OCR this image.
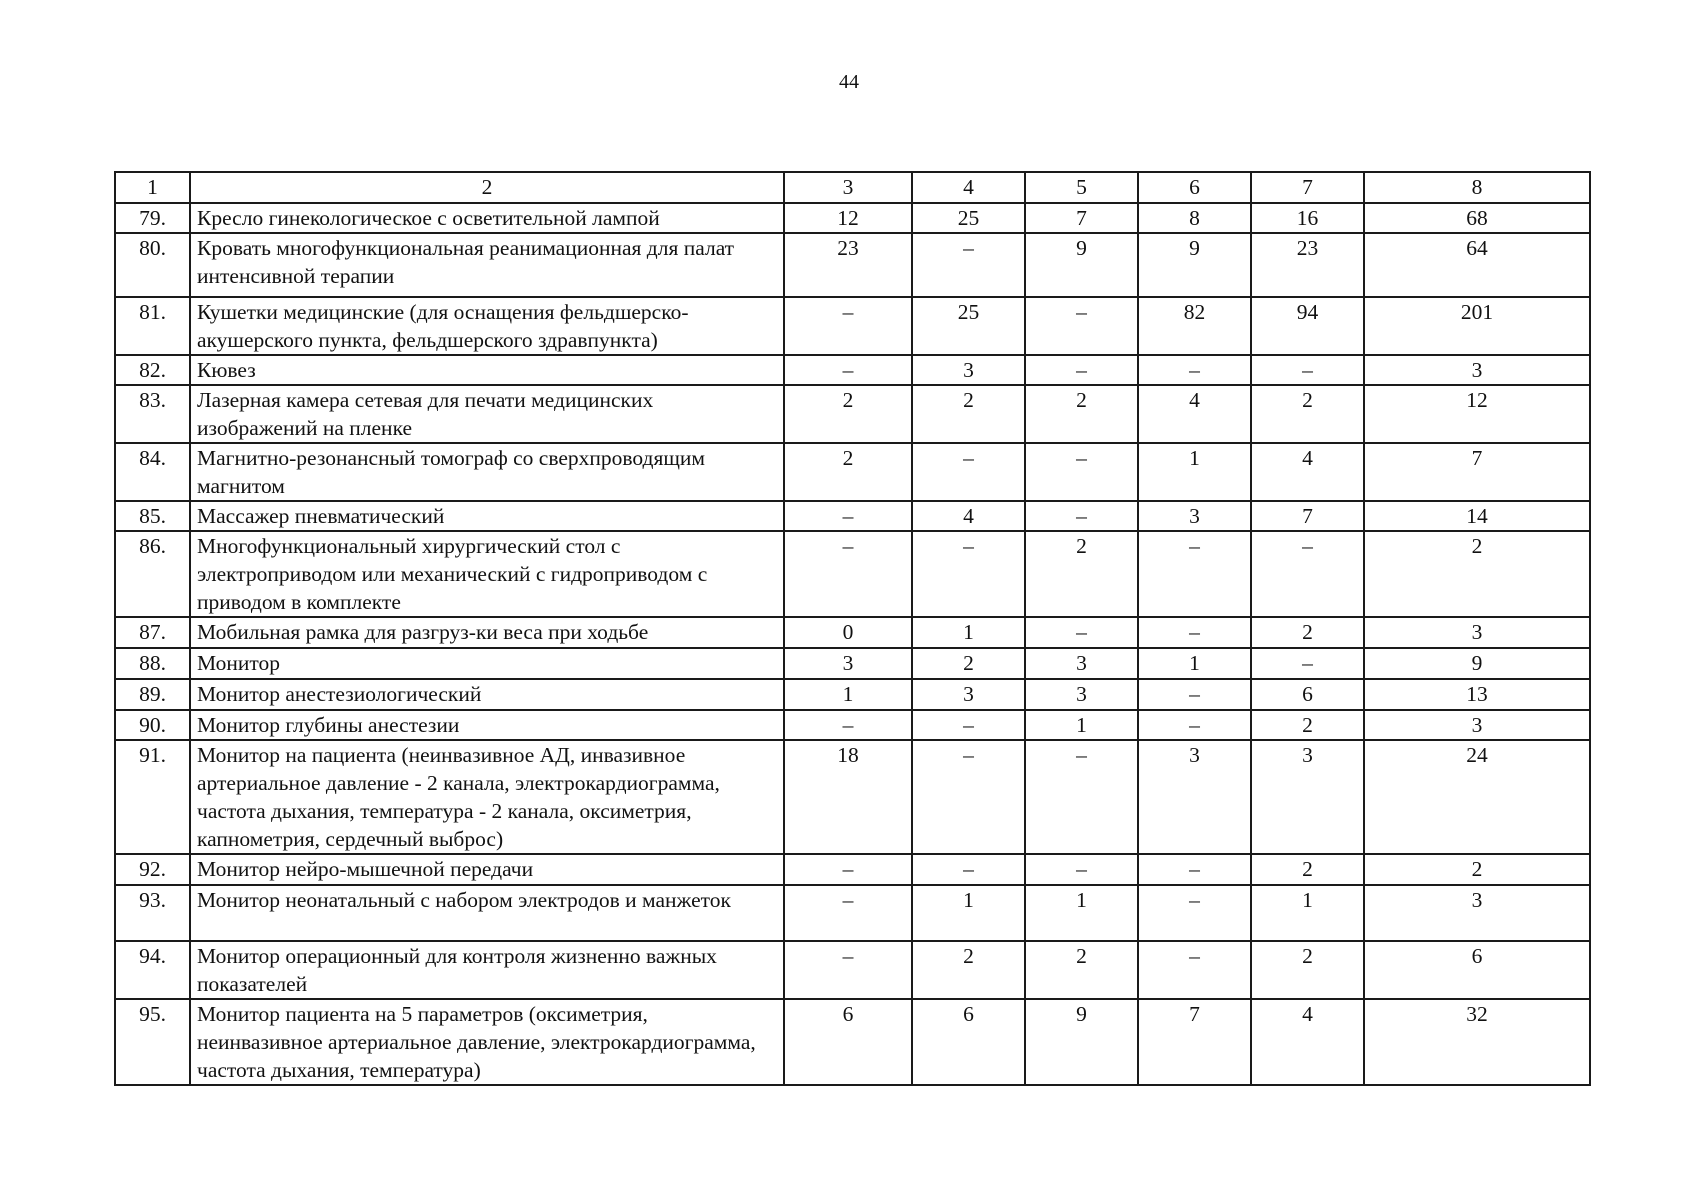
44
1	2	3	4	5	6	7	8
79.	Кресло гинекологическое с осветительной лампой	12	25	7	8	16	68
80.	Кровать многофункциональная реанимационная для палат интенсивной терапии	23	–	9	9	23	64
81.	Кушетки медицинские (для оснащения фельдшерско-акушерского пункта, фельдшерского здравпункта)	–	25	–	82	94	201
82.	Кювез	–	3	–	–	–	3
83.	Лазерная камера сетевая для печати медицинских изображений на пленке	2	2	2	4	2	12
84.	Магнитно-резонансный томограф со сверхпроводящим магнитом	2	–	–	1	4	7
85.	Массажер пневматический	–	4	–	3	7	14
86.	Многофункциональный хирургический стол с электроприводом или механический с гидроприводом с приводом в комплекте	–	–	2	–	–	2
87.	Мобильная рамка для разгруз-ки веса при ходьбе	0	1	–	–	2	3
88.	Монитор	3	2	3	1	–	9
89.	Монитор анестезиологический	1	3	3	–	6	13
90.	Монитор глубины анестезии	–	–	1	–	2	3
91.	Монитор на пациента (неинвазивное АД, инвазивное артериальное давление - 2 канала, электрокардиограмма, частота дыхания, температура - 2 канала, оксиметрия, капнометрия, сердечный выброс)	18	–	–	3	3	24
92.	Монитор нейро-мышечной передачи	–	–	–	–	2	2
93.	Монитор неонатальный с набором электродов и манжеток	–	1	1	–	1	3
94.	Монитор операционный для контроля жизненно важных показателей	–	2	2	–	2	6
95.	Монитор пациента на 5 параметров (оксиметрия, неинвазивное артериальное давление, электрокардиограмма, частота дыхания, температура)	6	6	9	7	4	32
